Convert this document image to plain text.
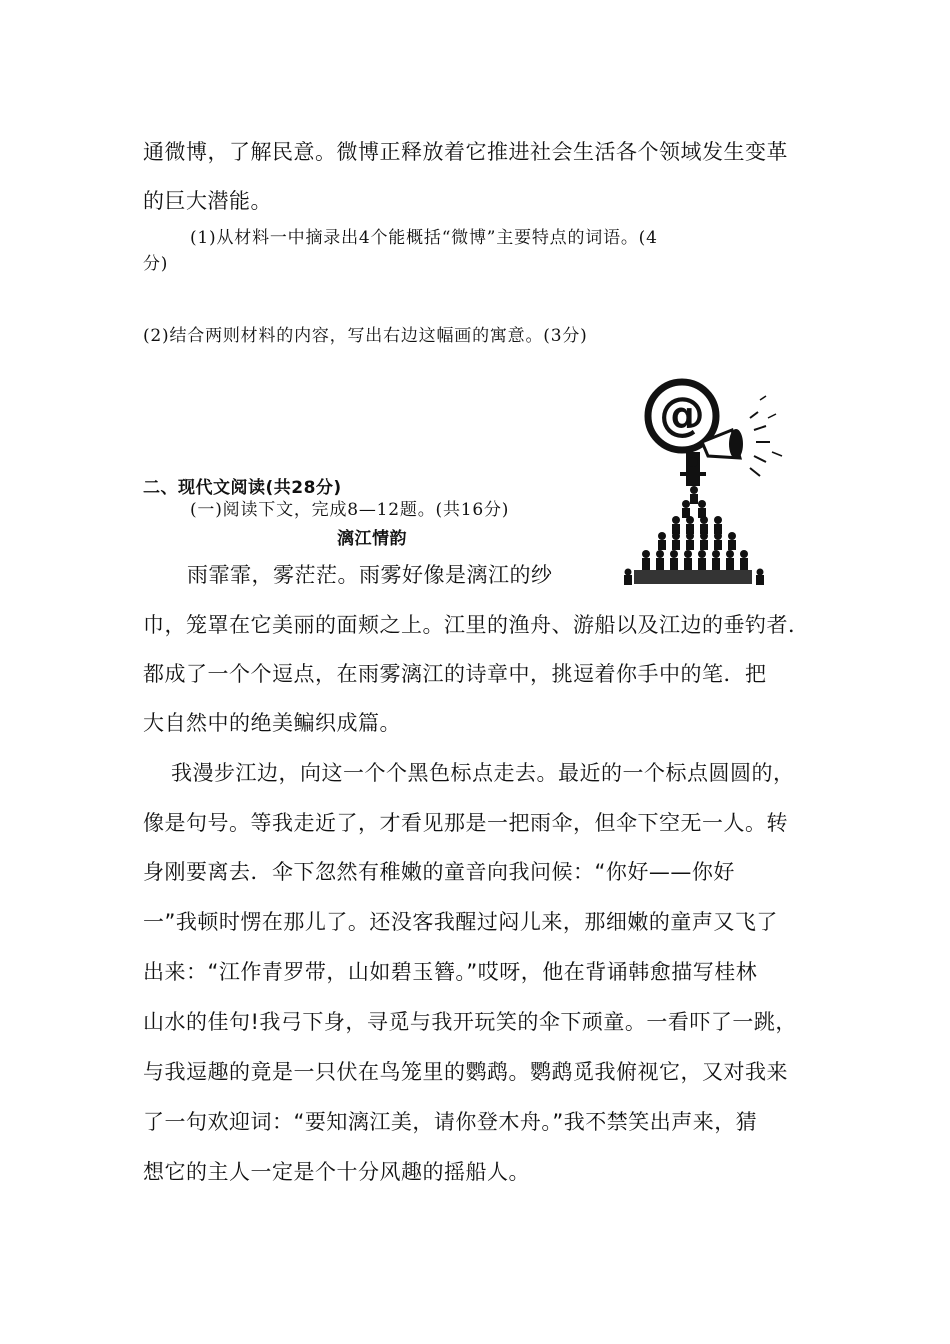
通微博，了解民意。微博正释放着它推进社会生活各个领域发生变革
的巨大潜能。
(1)从材料一中摘录出4个能概括“微博”主要特点的词语。(4
分)
(2)结合两则材料的内容，写出右边这幅画的寓意。(3分)
二、现代文阅读(共28分)
(一)阅读下文，完成8—12题。(共16分)
漓江情韵
雨霏霏，雾茫茫。雨雾好像是漓江的纱
巾，笼罩在它美丽的面颊之上。江里的渔舟、游船以及江边的垂钓者．
都成了一个个逗点，在雨雾漓江的诗章中，挑逗着你手中的笔．把
大自然中的绝美鳊织成篇。
我漫步江边，向这一个个黑色标点走去。最近的一个标点圆圆的，
像是句号。等我走近了，才看见那是一把雨伞，但伞下空无一人。转
身刚要离去．伞下忽然有稚嫩的童音向我问候：“你好——你好
一”我顿时愣在那儿了。还没客我醒过闷儿来，那细嫩的童声又飞了
出来：“江作青罗带，山如碧玉簪。”哎呀，他在背诵韩愈描写桂林
山水的佳句!我弓下身，寻觅与我开玩笑的伞下顽童。一看吓了一跳，
与我逗趣的竟是一只伏在鸟笼里的鹦鹉。鹦鹉觅我俯视它，又对我来
了一句欢迎词：“要知漓江美，请你登木舟。”我不禁笑出声来，猜
想它的主人一定是个十分风趣的摇船人。
@
